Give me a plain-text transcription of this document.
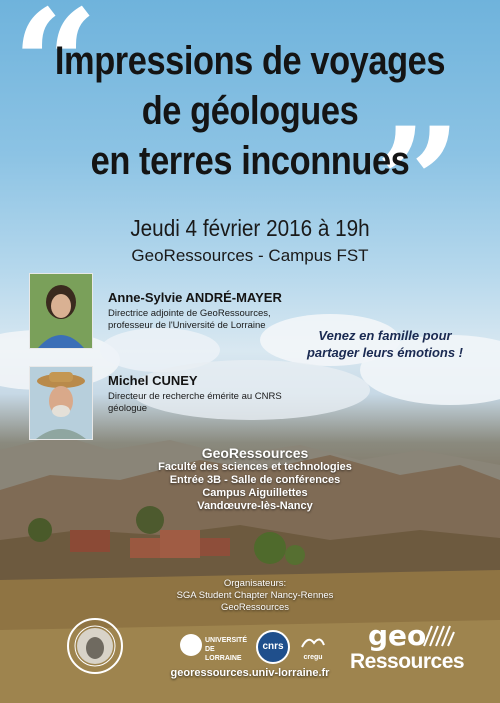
“
”
Impressions de voyages
de géologues
en terres inconnues
Jeudi 4 février 2016 à 19h
GeoRessources - Campus FST
Anne-Sylvie ANDRÉ-MAYER
Directrice adjointe de GeoRessources,
professeur de l'Université de Lorraine
Michel CUNEY
Directeur de recherche émérite au CNRS
géologue
Venez en famille pour
partager leurs émotions !
GeoRessources
Faculté des sciences et technologies
Entrée 3B - Salle de conférences
Campus Aiguillettes
Vandœuvre-lès-Nancy
Organisateurs:
SGA Student Chapter Nancy-Rennes
GeoRessources
UNIVERSITÉ
DE LORRAINE
cnrs
cregu
geo
Ressources
georessources.univ-lorraine.fr
